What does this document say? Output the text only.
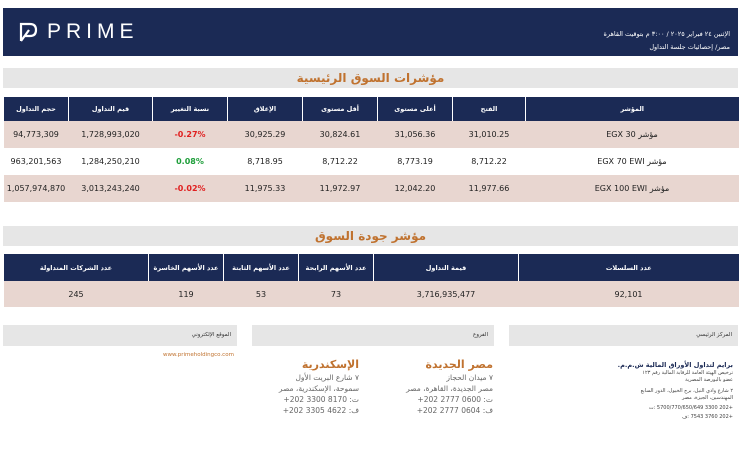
PRIME	الإثنين ٢٤ فبراير ٢٠٢٥ / ٣:٠٠ م بتوقيت القاهرة
مصر/ إحصائيات جلسة التداول
مؤشرات السوق الرئيسية
حجم التداول	قيم التداول	نسبة التغيير	الإغلاق	أقل مستوى	أعلى مستوى	الفتح	المؤشر
94,773,309	1,728,993,020	-0.27%	30,925.29	30,824.61	31,056.36	31,010.25	مؤشر EGX 30
963,201,563	1,284,250,210	0.08%	8,718.95	8,712.22	8,773.19	8,712.22	مؤشر EGX 70 EWI
1,057,974,870	3,013,243,240	-0.02%	11,975.33	11,972.97	12,042.20	11,977.66	مؤشر EGX 100 EWI
مؤشر جودة السوق
عدد الشركات المتداولة	عدد الأسهم الخاسرة	عدد الأسهم الثابتة	عدد الأسهم الرابحة	قيمة التداول	عدد السلسلات
245	119	53	73	3,716,935,477	92,101
الموقع الإلكتروني	الفروع	المركز الرئيسي
www.primeholdingco.com
برايم لتداول الأوراق المالية ش.م.م.
ترخيص الهيئة العامة للرقابة المالية رقم ١٢٣
عضو بالبورصة المصرية
٢ شارع وادي النيل، برج الخيول، الدور السابع
المهندسين، الجيزة، مصر
+202 3300 5700/770/650/649 :ت
+202 3760 7543 :ف
مصر الجديدة
٧ ميدان الحجاز
مصر الجديدة، القاهرة، مصر
ت: 0600 2777 202+
ف: 0604 2777 202+
الإسكندرية
٧ شارع البريت الأول
سموحة، الإسكندرية، مصر
ت: 8170 3300 202+
ف: 4622 3305 202+
